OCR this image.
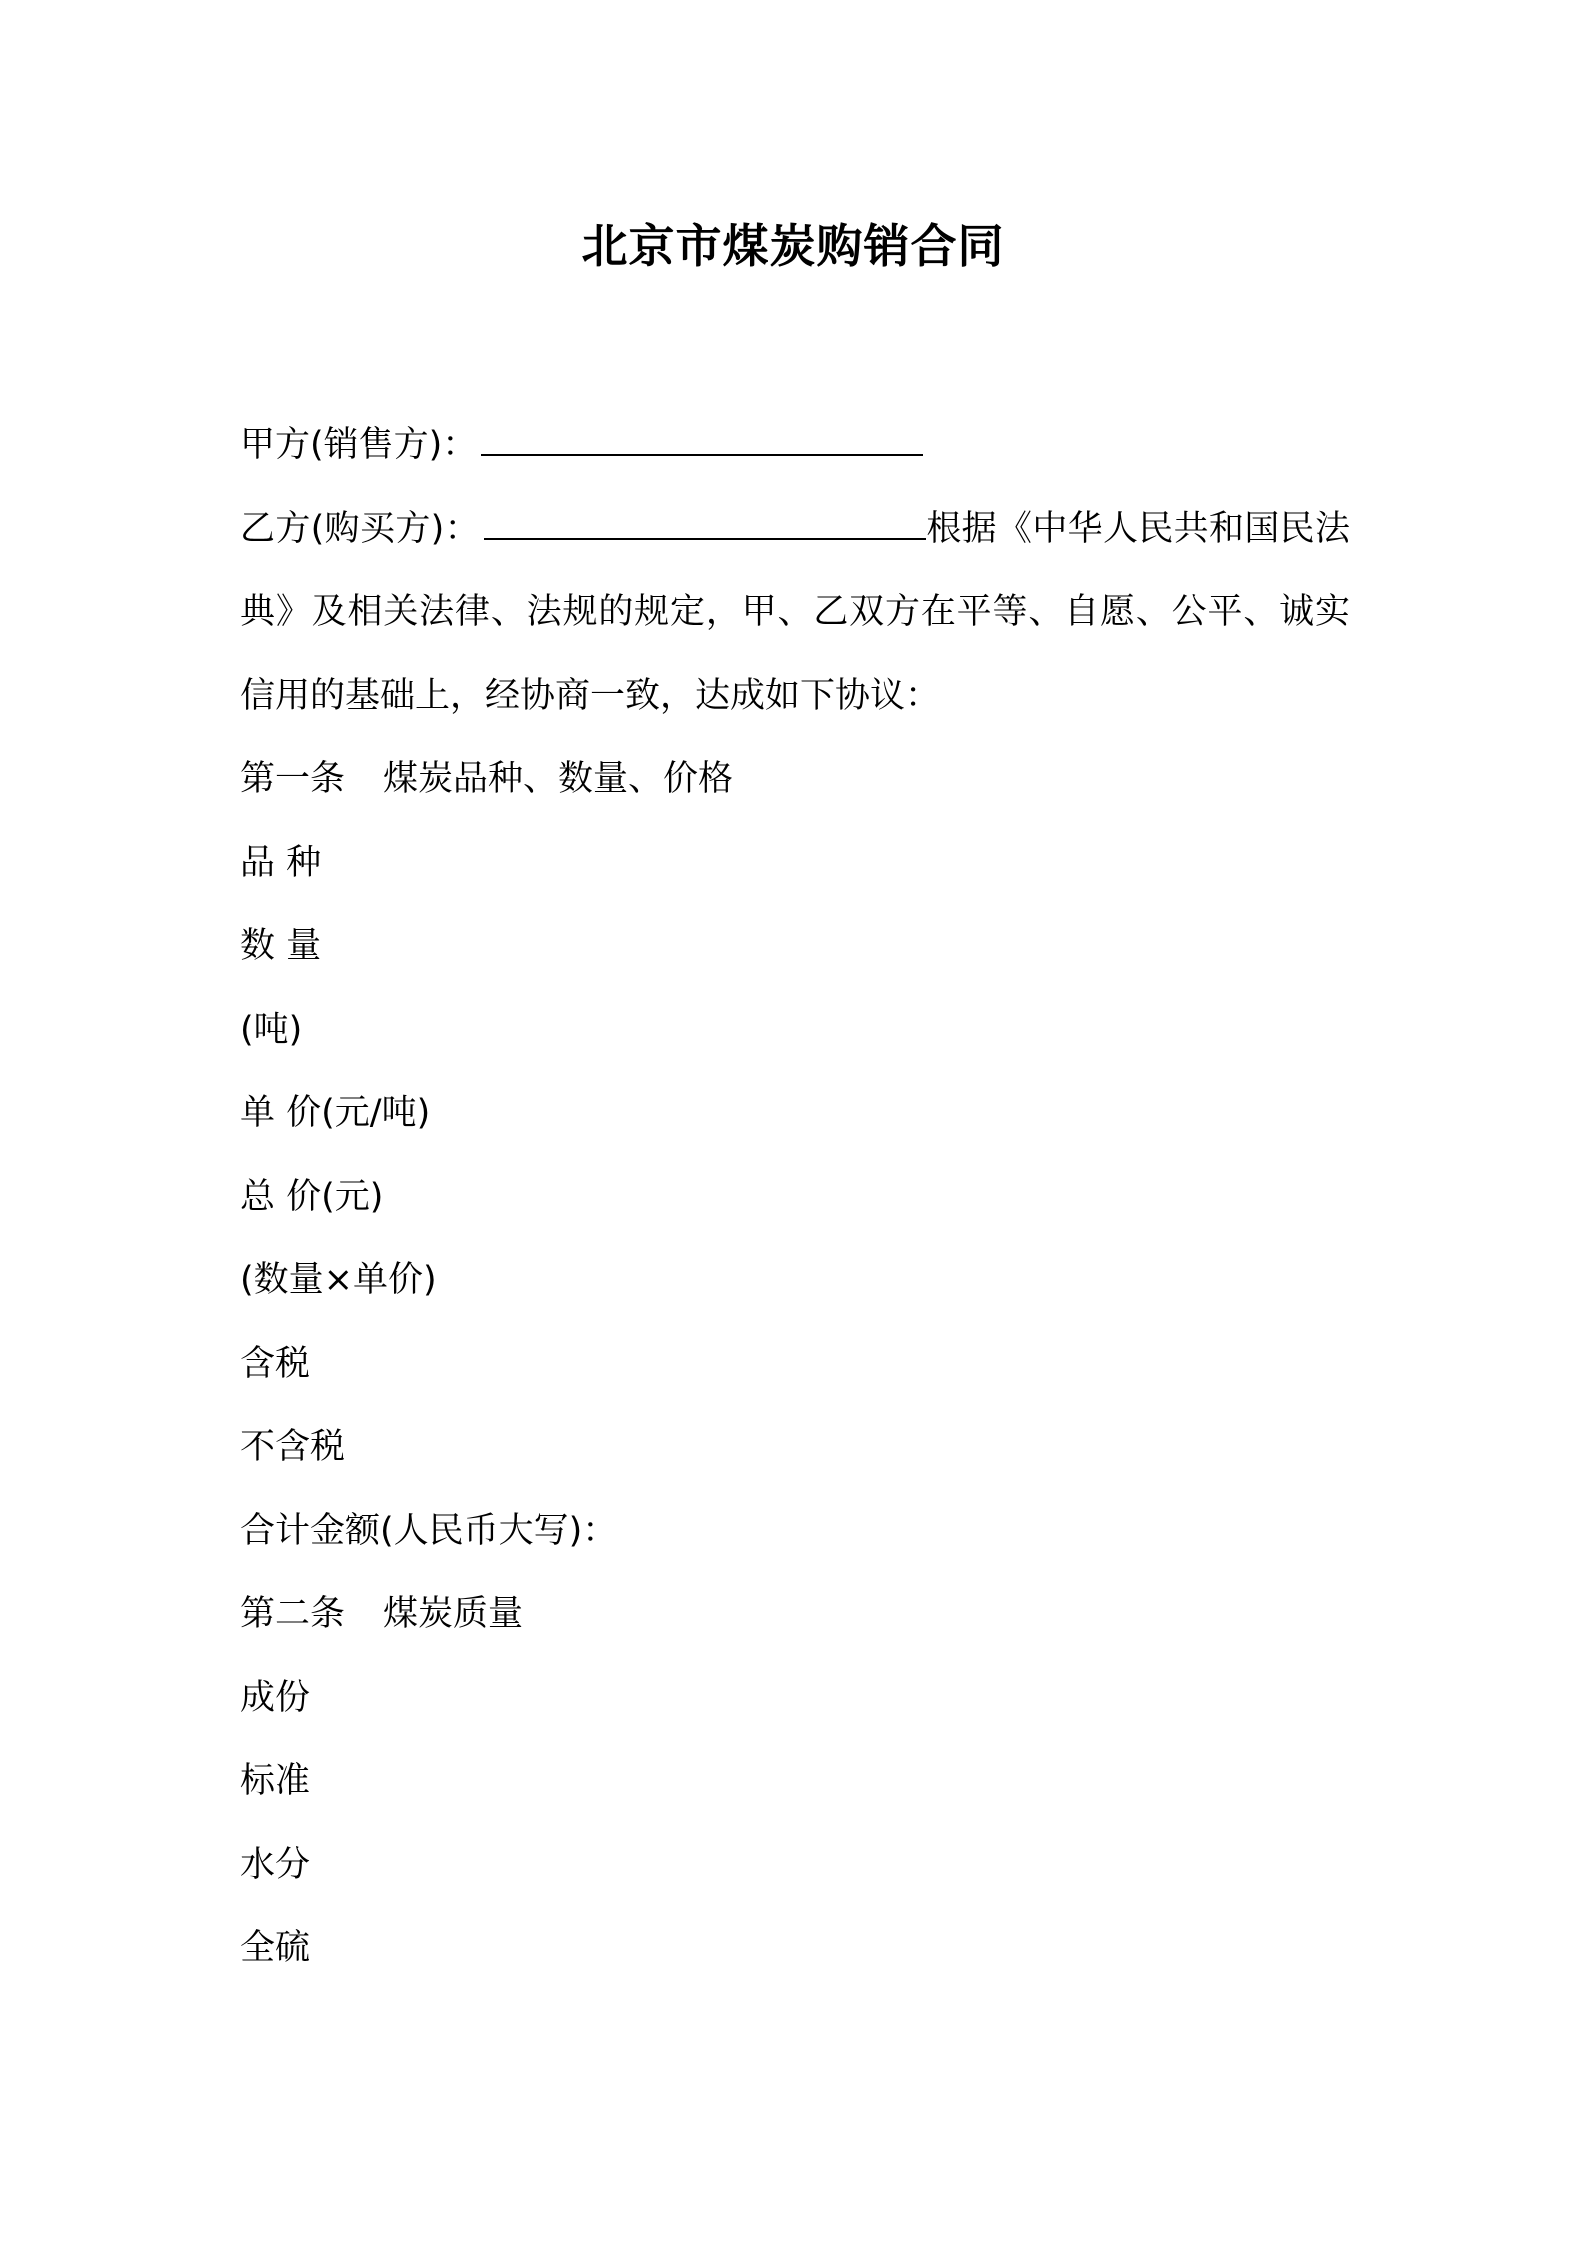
北京市煤炭购销合同
甲方(销售方)：
乙方(购买方)：	根据《中华人民共和国民法典》及相关法律、法规的规定，甲、乙双方在平等、自愿、公平、诚实信用的基础上，经协商一致，达成如下协议：
第一条 煤炭品种、数量、价格
品 种
数 量
(吨)
单 价(元/吨)
总 价(元)
(数量×单价)
含税
不含税
合计金额(人民币大写)：
第二条 煤炭质量
成份
标准
水分
全硫
